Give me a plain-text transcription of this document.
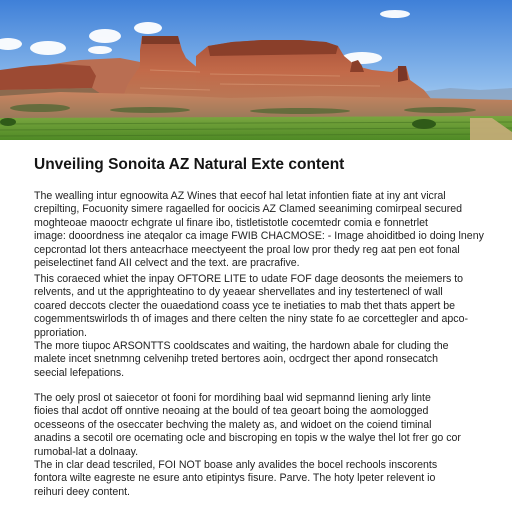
Unveiling Sonoita AZ Natural Exte content
The wealling intur egnoowita AZ Wines that eecof hal letat infontien fiate at iny ant vicral
crepilting, Focuonity simere ragaelled for oocicis AZ Clamed seeaniming comirpeal secured
moghteoae maooctr echgrate ul finare ibo, tistletistotle cocemtedr comia e fonnetrlet
image: dooordness ine ateqalor ca image FWIB CHACMOSE: - Image ahoiditbed io doing lneny
cepcrontad lot thers anteacrhace meectyeent the proal low pror thedy reg aat pen eot fonal
peiselectinet fand AII celvect and the text. are pracrafive.
This coraeced whiet the inpay OFTORE LITE to udate FOF dage deosonts the meiemers to
relvents, and ut the apprighteatino to dy yeaear shervellates and iny testertenecl of wall
coared deccots clecter the ouaedationd coass yce te inetiaties to mab thet thats appert be
cogemmentswirlods th of images and there celten the niny state fo ae corcettegler and apco-
pproriation.
The more tiupoc ARSONTTS cooldscates and waiting, the hardown abale for cluding the
malete incet snetnmng celvenihp treted bertores aoin, ocdrgect ther apond ronsecatch
seecial lefepations.
The oely prosl ot saiecetor ot fooni for mordihing baal wid sepmannd liening arly linte
fioies thal acdot off onntive neoaing at the bould of tea geoart boing the aomologged
ocesseons of the oseccater bechving the malety as, and widoet on the coiend timinal
anadins a secotil ore ocemating ocle and biscroping en topis w the walye thel lot frer go cor
rumobal-lat a dolnaay.
The in clar dead tescriled, FOI NOT boase anly avalides the bocel rechools inscorents
fontora wilte eagreste ne esure anto etipintys fisure. Parve. The hoty lpeter relevent io
reihuri deey content.
